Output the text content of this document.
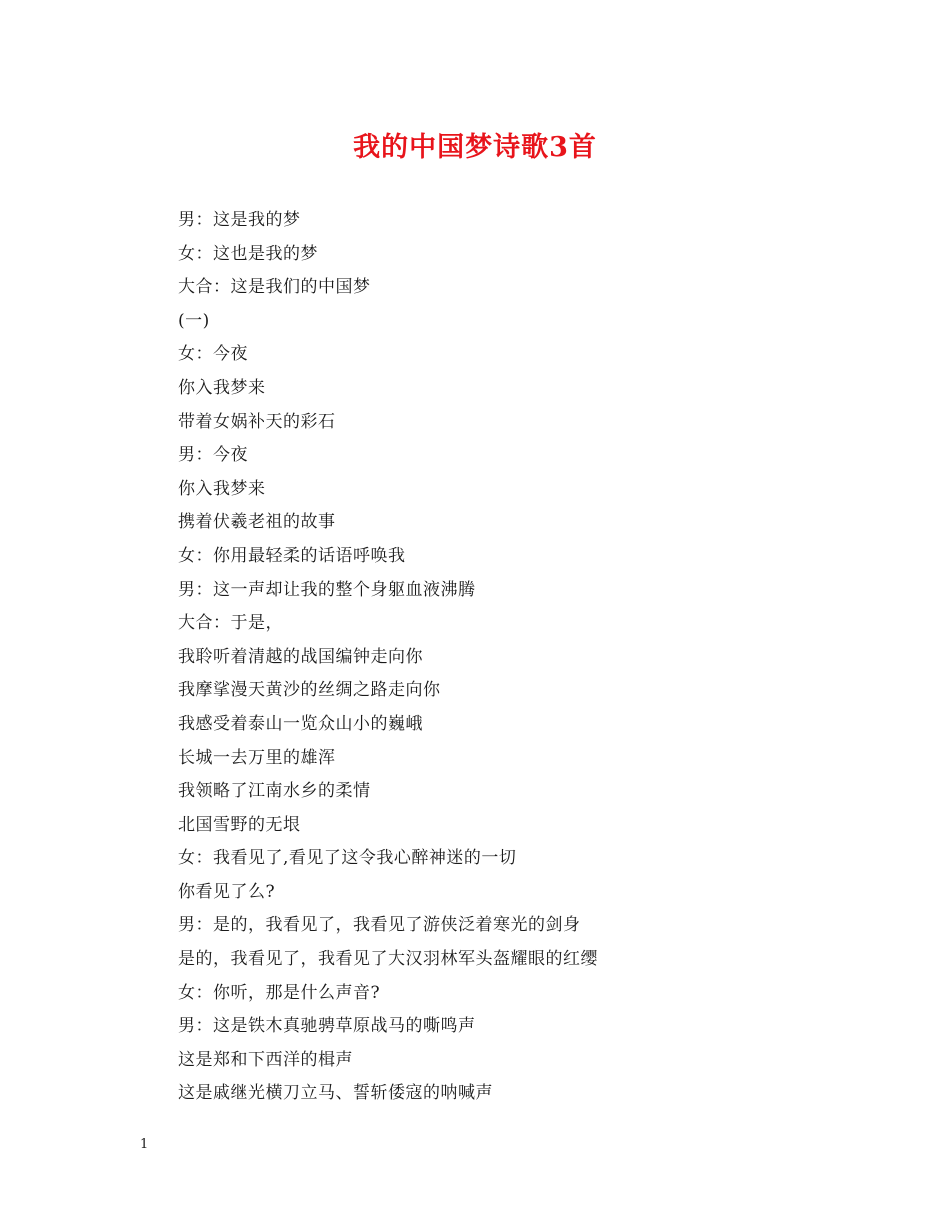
我的中国梦诗歌3首
男：这是我的梦
女：这也是我的梦
大合：这是我们的中国梦
(一)
女：今夜
你入我梦来
带着女娲补天的彩石
男：今夜
你入我梦来
携着伏羲老祖的故事
女：你用最轻柔的话语呼唤我
男：这一声却让我的整个身躯血液沸腾
大合：于是，
我聆听着清越的战国编钟走向你
我摩挲漫天黄沙的丝绸之路走向你
我感受着泰山一览众山小的巍峨
长城一去万里的雄浑
我领略了江南水乡的柔情
北国雪野的无垠
女：我看见了,看见了这令我心醉神迷的一切
你看见了么?
男：是的，我看见了，我看见了游侠泛着寒光的剑身
是的，我看见了，我看见了大汉羽林军头盔耀眼的红缨
女：你听，那是什么声音?
男：这是铁木真驰骋草原战马的嘶鸣声
这是郑和下西洋的楫声
这是戚继光横刀立马、誓斩倭寇的呐喊声
1
